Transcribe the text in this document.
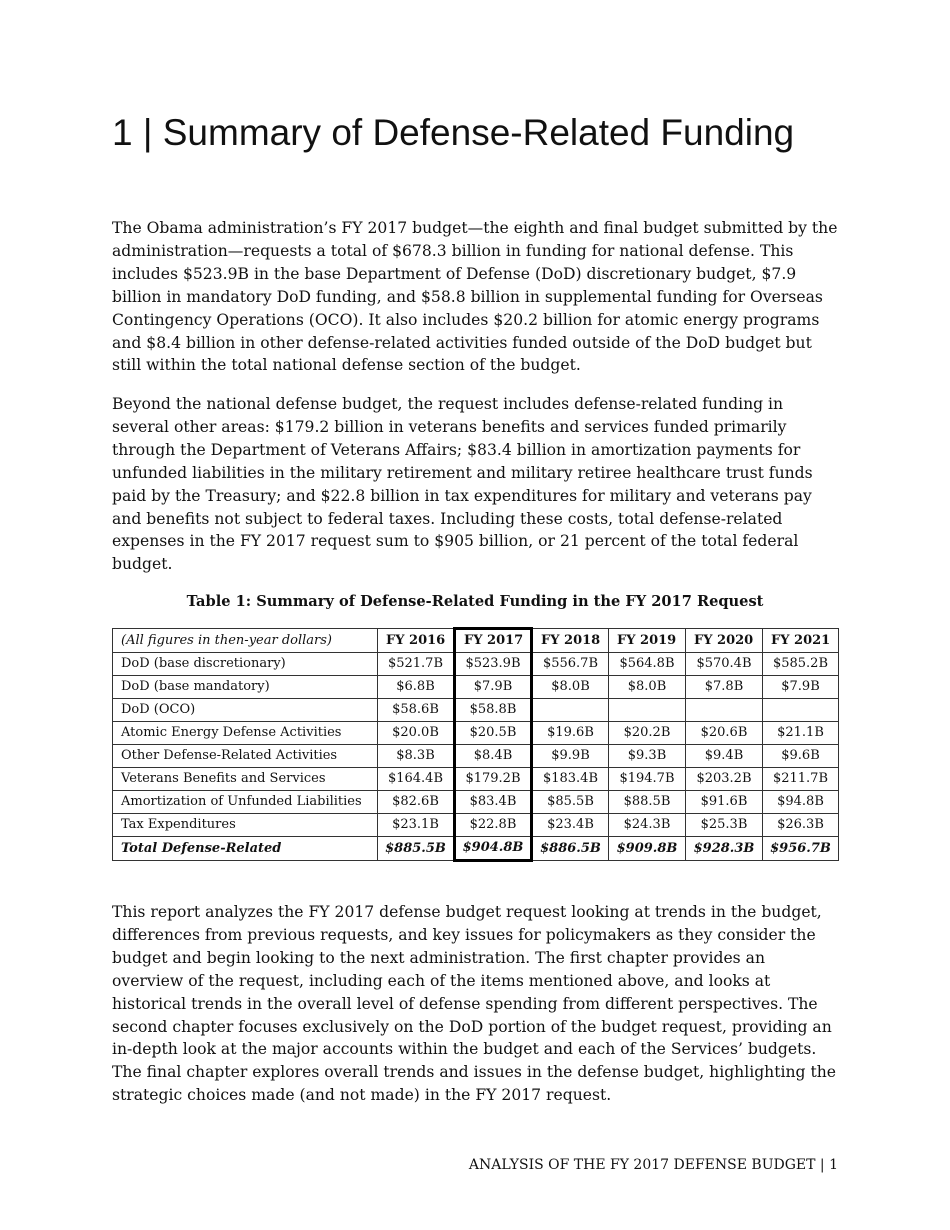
1 | Summary of Defense-Related Funding

The Obama administration’s FY 2017 budget—the eighth and final budget submitted by the administration—requests a total of $678.3 billion in funding for national defense. This includes $523.9B in the base Department of Defense (DoD) discretionary budget, $7.9 billion in mandatory DoD funding, and $58.8 billion in supplemental funding for Overseas Contingency Operations (OCO). It also includes $20.2 billion for atomic energy programs and $8.4 billion in other defense-related activities funded outside of the DoD budget but still within the total national defense section of the budget.

Beyond the national defense budget, the request includes defense-related funding in several other areas: $179.2 billion in veterans benefits and services funded primarily through the Department of Veterans Affairs; $83.4 billion in amortization payments for unfunded liabilities in the military retirement and military retiree healthcare trust funds paid by the Treasury; and $22.8 billion in tax expenditures for military and veterans pay and benefits not subject to federal taxes. Including these costs, total defense-related expenses in the FY 2017 request sum to $905 billion, or 21 percent of the total federal budget.

Table 1: Summary of Defense-Related Funding in the FY 2017 Request
(All figures in then-year dollars)	FY 2016	FY 2017	FY 2018	FY 2019	FY 2020	FY 2021
DoD (base discretionary)	$521.7B	$523.9B	$556.7B	$564.8B	$570.4B	$585.2B
DoD (base mandatory)	$6.8B	$7.9B	$8.0B	$8.0B	$7.8B	$7.9B
DoD (OCO)	$58.6B	$58.8B				
Atomic Energy Defense Activities	$20.0B	$20.5B	$19.6B	$20.2B	$20.6B	$21.1B
Other Defense-Related Activities	$8.3B	$8.4B	$9.9B	$9.3B	$9.4B	$9.6B
Veterans Benefits and Services	$164.4B	$179.2B	$183.4B	$194.7B	$203.2B	$211.7B
Amortization of Unfunded Liabilities	$82.6B	$83.4B	$85.5B	$88.5B	$91.6B	$94.8B
Tax Expenditures	$23.1B	$22.8B	$23.4B	$24.3B	$25.3B	$26.3B
Total Defense-Related	$885.5B	$904.8B	$886.5B	$909.8B	$928.3B	$956.7B

This report analyzes the FY 2017 defense budget request looking at trends in the budget, differences from previous requests, and key issues for policymakers as they consider the budget and begin looking to the next administration. The first chapter provides an overview of the request, including each of the items mentioned above, and looks at historical trends in the overall level of defense spending from different perspectives. The second chapter focuses exclusively on the DoD portion of the budget request, providing an in-depth look at the major accounts within the budget and each of the Services’ budgets. The final chapter explores overall trends and issues in the defense budget, highlighting the strategic choices made (and not made) in the FY 2017 request.

ANALYSIS OF THE FY 2017 DEFENSE BUDGET | 1
